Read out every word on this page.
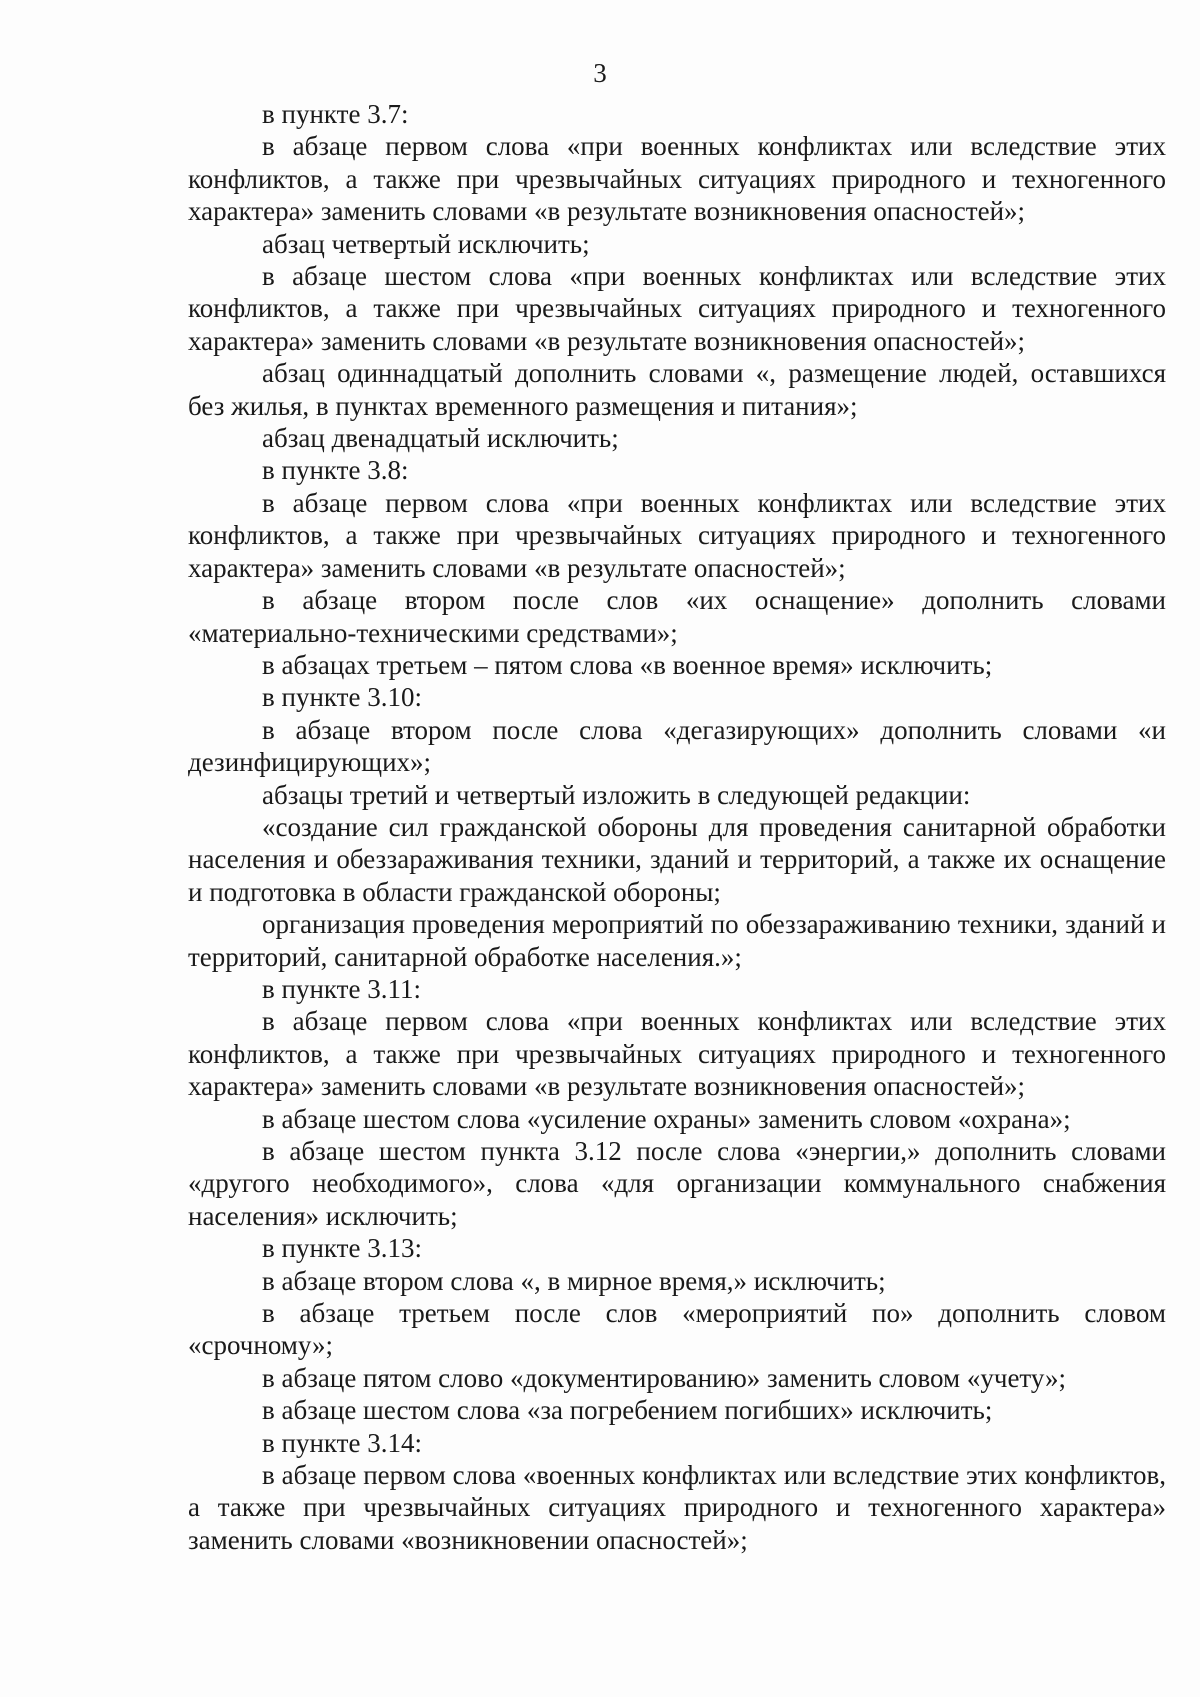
3

в пункте 3.7:

в абзаце первом слова «при военных конфликтах или вследствие этих конфликтов, а также при чрезвычайных ситуациях природного и техногенного характера» заменить словами «в результате возникновения опасностей»;

абзац четвертый исключить;

в абзаце шестом слова «при военных конфликтах или вследствие этих конфликтов, а также при чрезвычайных ситуациях природного и техногенного характера» заменить словами «в результате возникновения опасностей»;

абзац одиннадцатый дополнить словами «, размещение людей, оставшихся без жилья, в пунктах временного размещения и питания»;

абзац двенадцатый исключить;

в пункте 3.8:

в абзаце первом слова «при военных конфликтах или вследствие этих конфликтов, а также при чрезвычайных ситуациях природного и техногенного характера» заменить словами «в результате опасностей»;

в абзаце втором после слов «их оснащение» дополнить словами «материально-техническими средствами»;

в абзацах третьем – пятом слова «в военное время» исключить;

в пункте 3.10:

в абзаце втором после слова «дегазирующих» дополнить словами «и дезинфицирующих»;

абзацы третий и четвертый изложить в следующей редакции:

«создание сил гражданской обороны для проведения санитарной обработки населения и обеззараживания техники, зданий и территорий, а также их оснащение и подготовка в области гражданской обороны;

организация проведения мероприятий по обеззараживанию техники, зданий и территорий, санитарной обработке населения.»;

в пункте 3.11:

в абзаце первом слова «при военных конфликтах или вследствие этих конфликтов, а также при чрезвычайных ситуациях природного и техногенного характера» заменить словами «в результате возникновения опасностей»;

в абзаце шестом слова «усиление охраны» заменить словом «охрана»;

в абзаце шестом пункта 3.12 после слова «энергии,» дополнить словами «другого необходимого», слова «для организации коммунального снабжения населения» исключить;

в пункте 3.13:

в абзаце втором слова «, в мирное время,» исключить;

в абзаце третьем после слов «мероприятий по» дополнить словом «срочному»;

в абзаце пятом слово «документированию» заменить словом «учету»;

в абзаце шестом слова «за погребением погибших» исключить;

в пункте 3.14:

в абзаце первом слова «военных конфликтах или вследствие этих конфликтов, а также при чрезвычайных ситуациях природного и техногенного характера» заменить словами «возникновении опасностей»;
